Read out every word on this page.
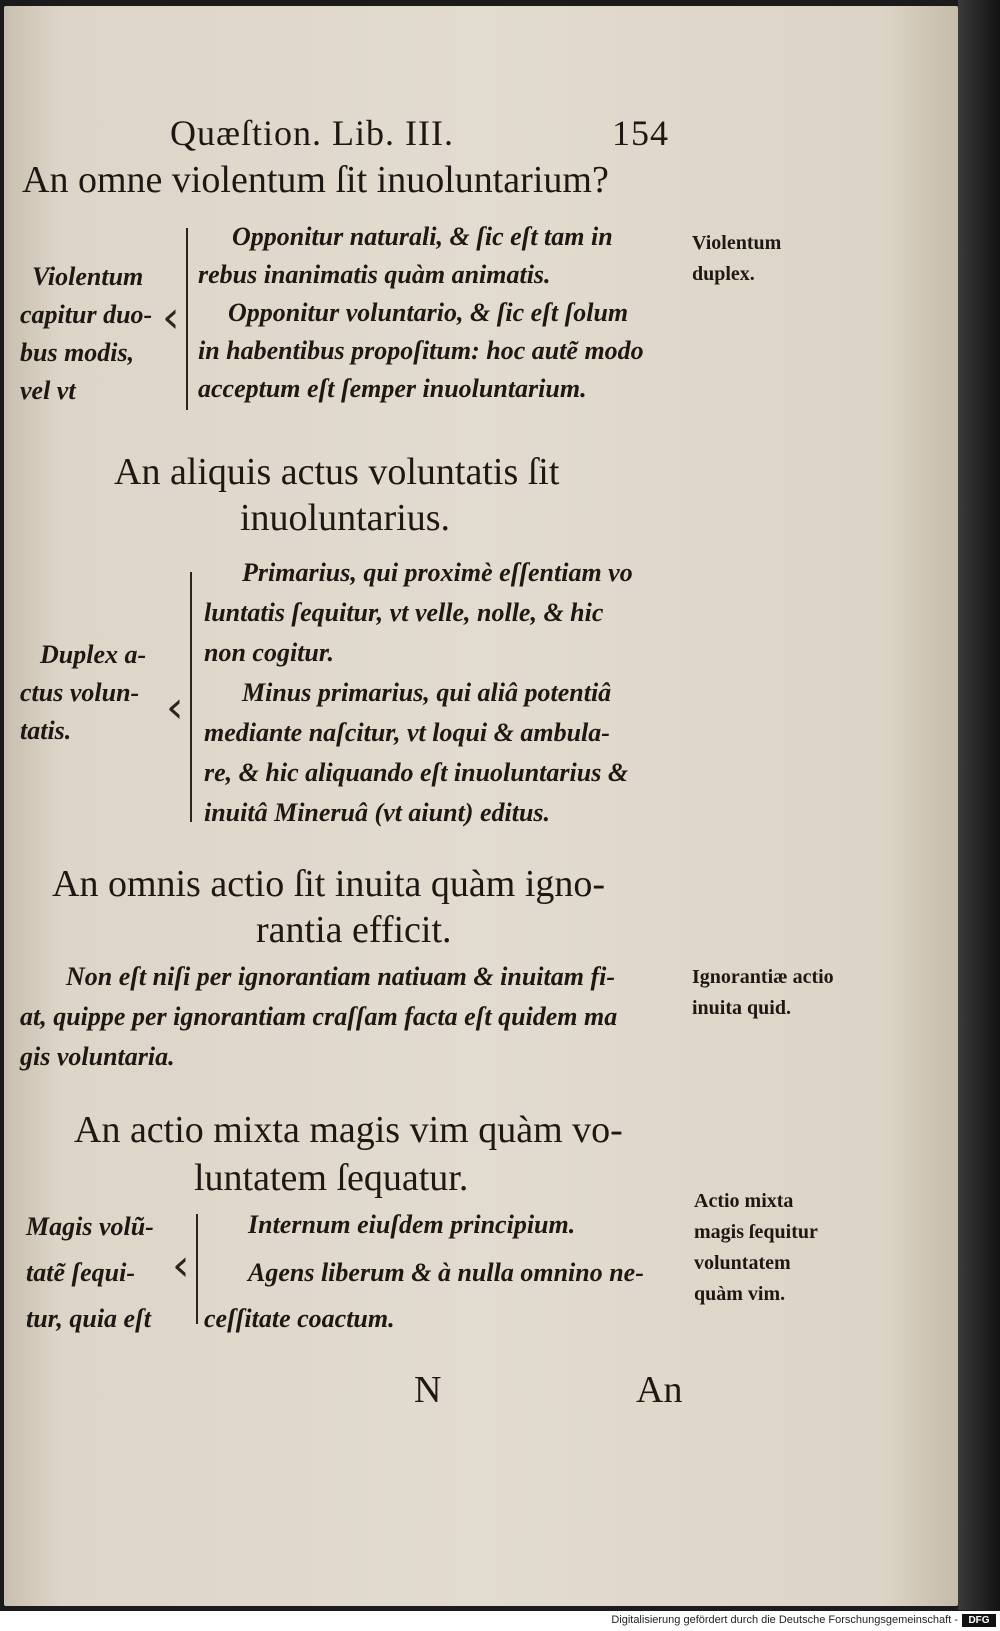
Quæſtion. Lib. III.	154
An omne violentum ſit inuoluntarium?
Violentum
capitur duo-
bus modis,
vel vt
‹
Opponitur naturali, & ſic eſt tam in
rebus inanimatis quàm animatis.
Opponitur voluntario, & ſic eſt ſolum
in habentibus propoſitum: hoc autẽ modo
acceptum eſt ſemper inuoluntarium.
Violentum duplex.
An aliquis actus voluntatis ſit
inuoluntarius.
Duplex a-
ctus volun-
tatis. ‹
Primarius, qui proximè eſſentiam vo
luntatis ſequitur, vt velle, nolle, & hic
non cogitur.
Minus primarius, qui aliâ potentiâ
mediante naſcitur, vt loqui & ambula-
re, & hic aliquando eſt inuoluntarius &
inuitâ Mineruâ (vt aiunt) editus.
An omnis actio ſit inuita quàm igno-
rantia efficit.
Non eſt niſi per ignorantiam natiuam & inuitam fi-
at, quippe per ignorantiam craſſam facta eſt quidem ma
gis voluntaria.
Ignorantiæ actio inuita quid.
An actio mixta magis vim quàm vo-
luntatem ſequatur.
Magis volũ-
tatẽ ſequi-
tur, quia eſt
‹
Internum eiuſdem principium.
Agens liberum & à nulla omnino ne-
ceſſitate coactum.
Actio mixta magis ſequitur voluntatem quàm vim.
N	An
Digitalisierung gefördert durch die Deutsche Forschungsgemeinschaft -	DFG
